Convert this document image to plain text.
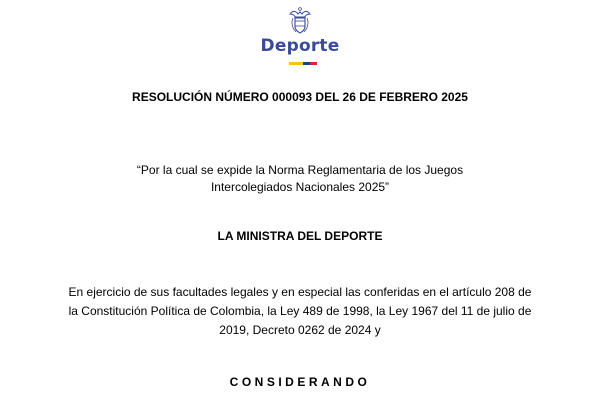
Deporte
RESOLUCIÓN NÚMERO 000093 DEL 26 DE FEBRERO 2025
“Por la cual se expide la Norma Reglamentaria de los Juegos
Intercolegiados Nacionales 2025”
LA MINISTRA DEL DEPORTE
En ejercicio de sus facultades legales y en especial las conferidas en el artículo 208 de
la Constitución Política de Colombia, la Ley 489 de 1998, la Ley 1967 del 11 de julio de
2019, Decreto 0262 de 2024 y
CONSIDERANDO
